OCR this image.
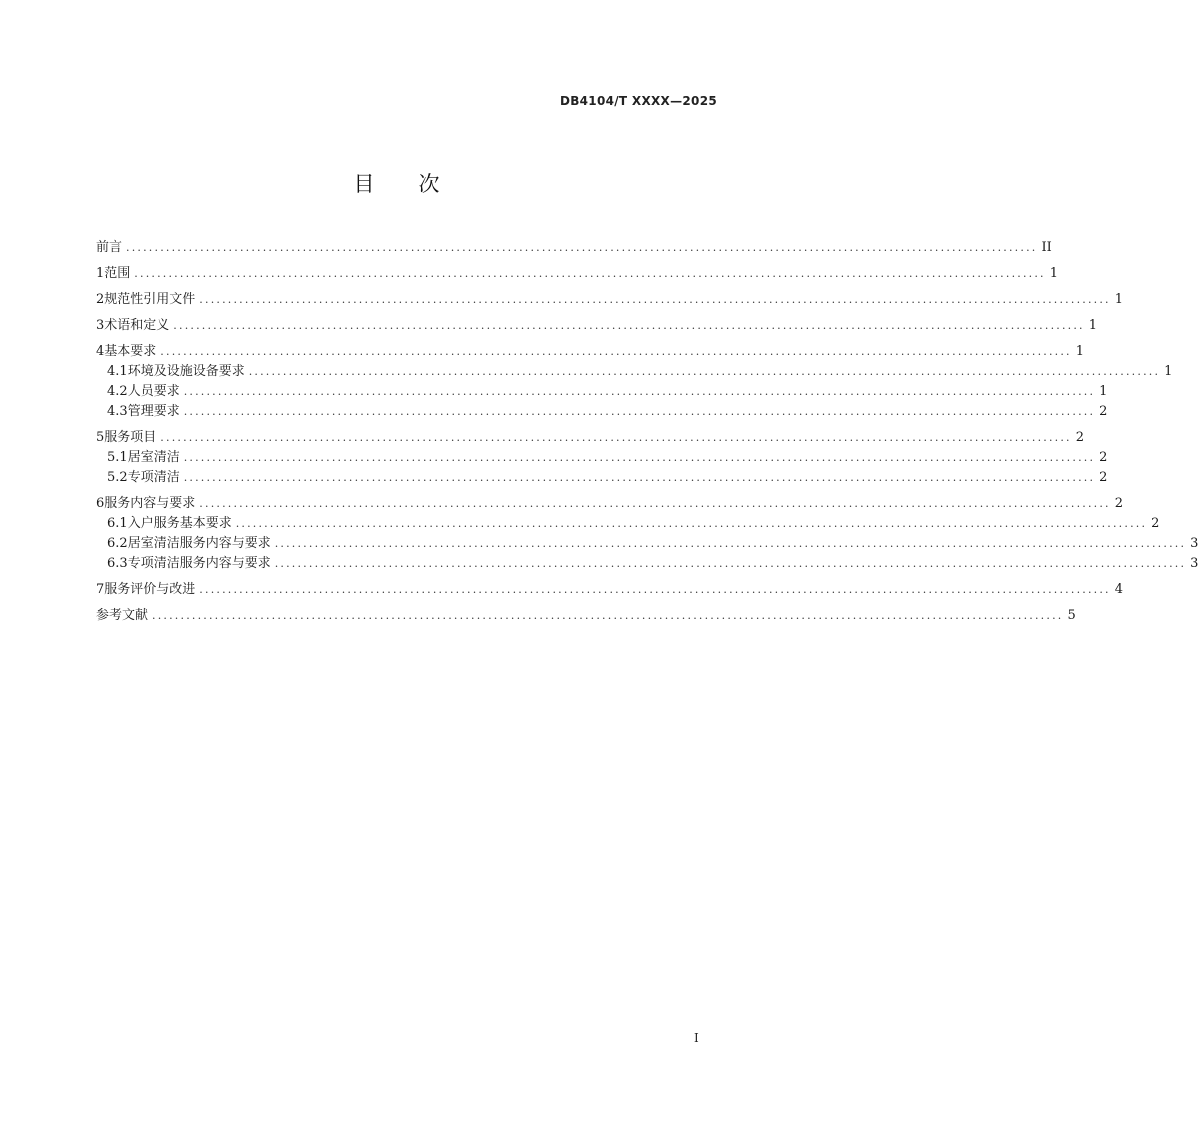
DB4104/T XXXX—2025
目次
前言 ................................................................................................................................................................ II
1 范围 ................................................................................................................................................................ 1
2 规范性引用文件 ................................................................................................................................................................ 1
3 术语和定义 ................................................................................................................................................................ 1
4 基本要求 ................................................................................................................................................................ 1
4.1 环境及设施设备要求 ................................................................................................................................................................ 1
4.2 人员要求 ................................................................................................................................................................ 1
4.3 管理要求 ................................................................................................................................................................ 2
5 服务项目 ................................................................................................................................................................ 2
5.1 居室清洁 ................................................................................................................................................................ 2
5.2 专项清洁 ................................................................................................................................................................ 2
6 服务内容与要求 ................................................................................................................................................................ 2
6.1 入户服务基本要求 ................................................................................................................................................................ 2
6.2 居室清洁服务内容与要求 ................................................................................................................................................................ 3
6.3 专项清洁服务内容与要求 ................................................................................................................................................................ 3
7 服务评价与改进 ................................................................................................................................................................ 4
参考文献 ................................................................................................................................................................ 5
I
